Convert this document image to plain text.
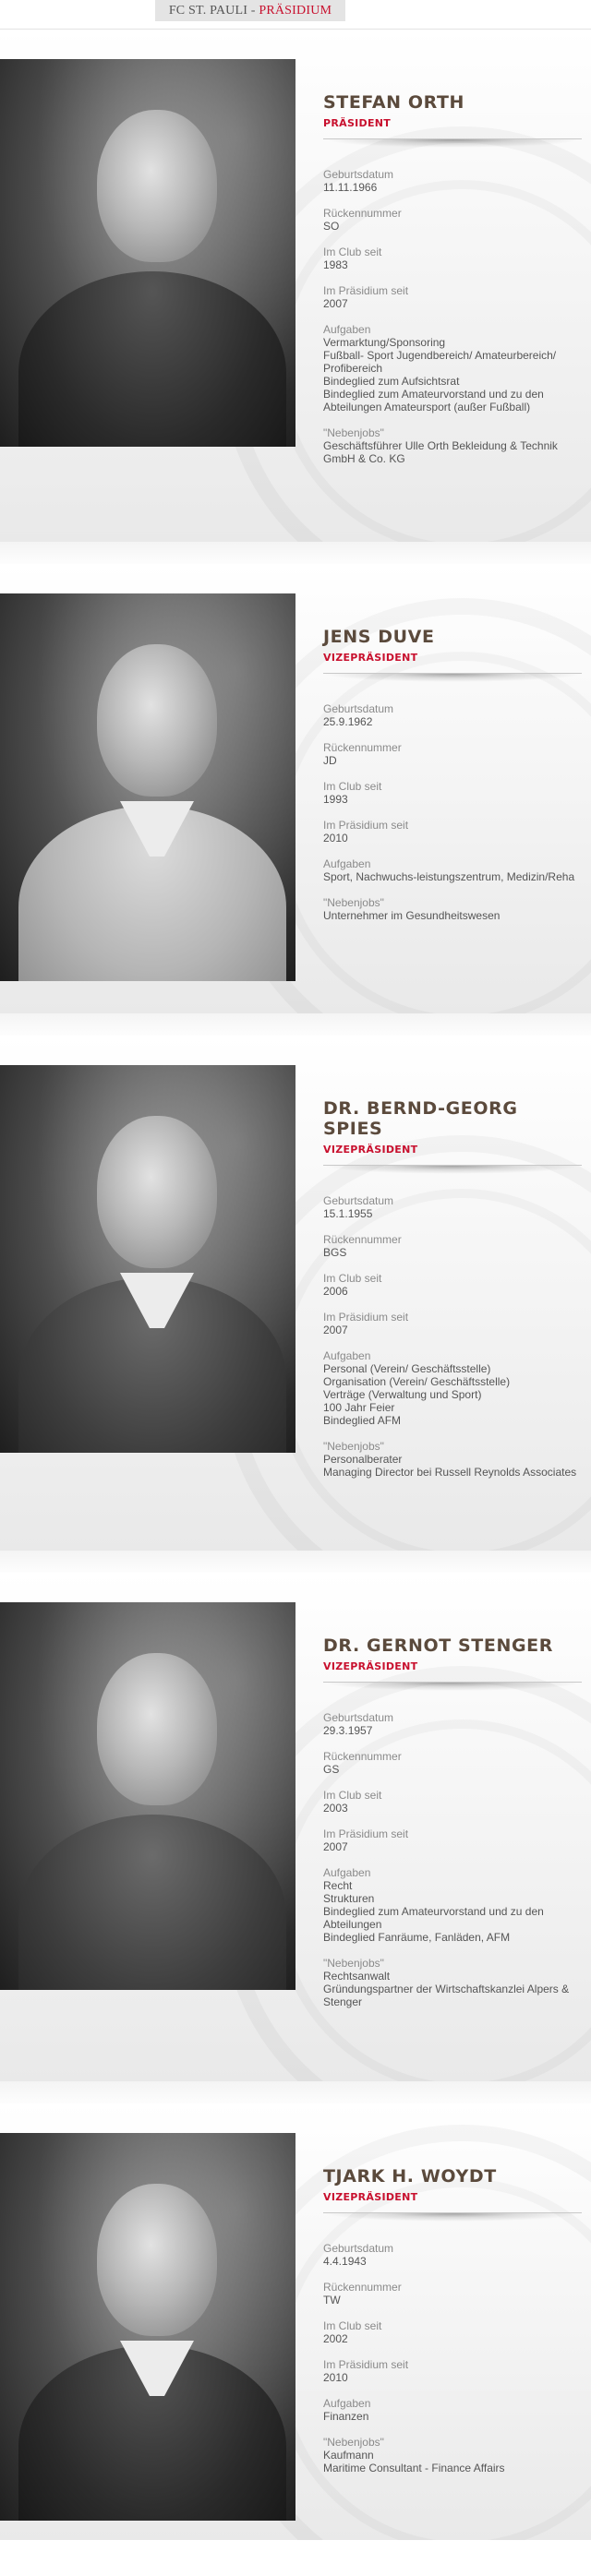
FC ST. PAULI - PRÄSIDIUM
STEFAN ORTH
PRÄSIDENT
Geburtsdatum
11.11.1966
Rückennummer
SO
Im Club seit
1983
Im Präsidium seit
2007
Aufgaben
Vermarktung/Sponsoring
Fußball- Sport Jugendbereich/ Amateurbereich/ Profibereich
Bindeglied zum Aufsichtsrat
Bindeglied zum Amateurvorstand und zu den Abteilungen Amateursport (außer Fußball)
"Nebenjobs"
Geschäftsführer Ulle Orth Bekleidung & Technik GmbH & Co. KG
JENS DUVE
VIZEPRÄSIDENT
Geburtsdatum
25.9.1962
Rückennummer
JD
Im Club seit
1993
Im Präsidium seit
2010
Aufgaben
Sport, Nachwuchs-leistungszentrum, Medizin/Reha
"Nebenjobs"
Unternehmer im Gesundheitswesen
DR. BERND-GEORG SPIES
VIZEPRÄSIDENT
Geburtsdatum
15.1.1955
Rückennummer
BGS
Im Club seit
2006
Im Präsidium seit
2007
Aufgaben
Personal (Verein/ Geschäftsstelle)
Organisation (Verein/ Geschäftsstelle)
Verträge (Verwaltung und Sport)
100 Jahr Feier
Bindeglied AFM
"Nebenjobs"
Personalberater
Managing Director bei Russell Reynolds Associates
DR. GERNOT STENGER
VIZEPRÄSIDENT
Geburtsdatum
29.3.1957
Rückennummer
GS
Im Club seit
2003
Im Präsidium seit
2007
Aufgaben
Recht
Strukturen
Bindeglied zum Amateurvorstand und zu den Abteilungen
Bindeglied Fanräume, Fanläden, AFM
"Nebenjobs"
Rechtsanwalt
Gründungspartner der Wirtschaftskanzlei Alpers & Stenger
TJARK H. WOYDT
VIZEPRÄSIDENT
Geburtsdatum
4.4.1943
Rückennummer
TW
Im Club seit
2002
Im Präsidium seit
2010
Aufgaben
Finanzen
"Nebenjobs"
Kaufmann
Maritime Consultant - Finance Affairs
